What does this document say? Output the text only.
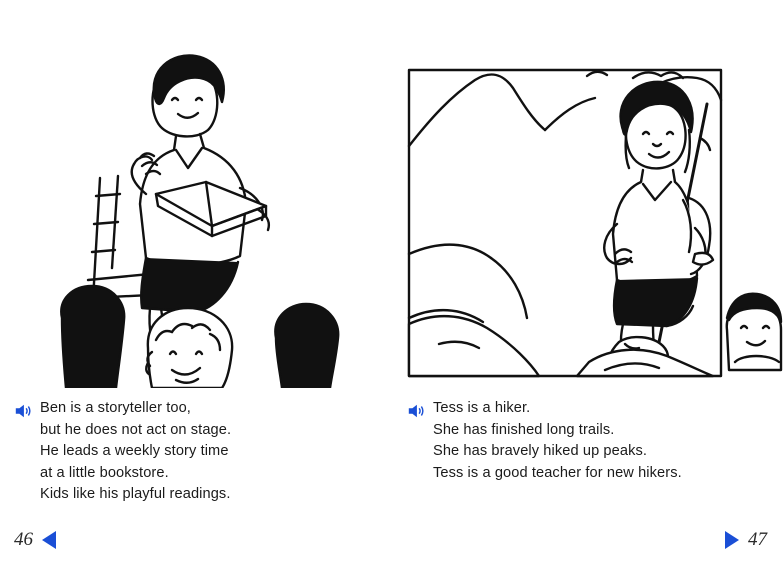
Ben is a storyteller too,
but he does not act on stage.
He leads a weekly story time
at a little bookstore.
Kids like his playful readings.
46
Tess is a hiker.
She has finished long trails.
She has bravely hiked up peaks.
Tess is a good teacher for new hikers.
47
